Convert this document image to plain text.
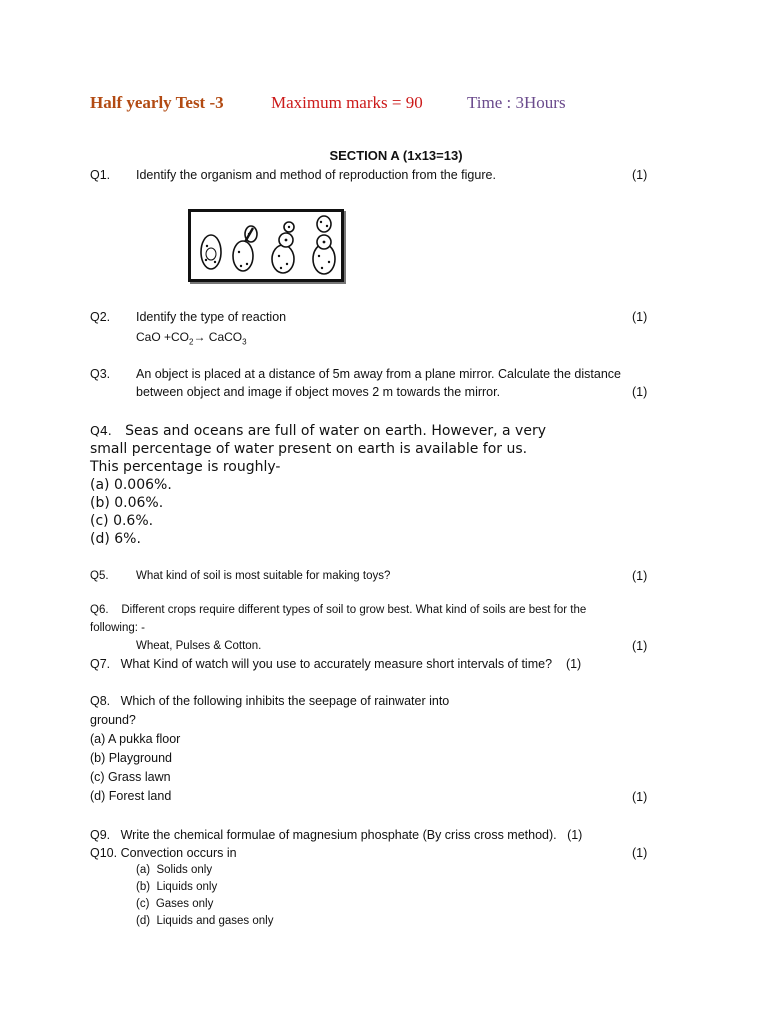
Half yearly Test -3	Maximum marks = 90	Time : 3Hours
SECTION A (1x13=13)
Q1. Identify the organism and method of reproduction from the figure.	(1)
Q2. Identify the type of reaction	(1)
CaO $+CO_2\to$ CaCO$_3$
Q3. An object is placed at a distance of 5m away from a plane mirror. Calculate the distance
between object and image if object moves 2 m towards the mirror.	(1)
Q4. Seas and oceans are full of water on earth. However, a very
small percentage of water present on earth is available for us.
This percentage is roughly-
(a) 0.006%.
(b) 0.06%.
(c) 0.6%.
(d) 6%.
Q5. What kind of soil is most suitable for making toys?	(1)
Q6. Different crops require different types of soil to grow best. What kind of soils are best for the
following: -
Wheat, Pulses & Cotton.	(1)
Q7. What Kind of watch will you use to accurately measure short intervals of time? (1)
Q8. Which of the following inhibits the seepage of rainwater into
ground?
(a) A pukka floor
(b) Playground
(c) Grass lawn
(d) Forest land	(1)
Q9. Write the chemical formulae of magnesium phosphate (By criss cross method). (1)
Q10. Convection occurs in	(1)
(a) Solids only
(b) Liquids only
(c) Gases only
(d) Liquids and gases only
